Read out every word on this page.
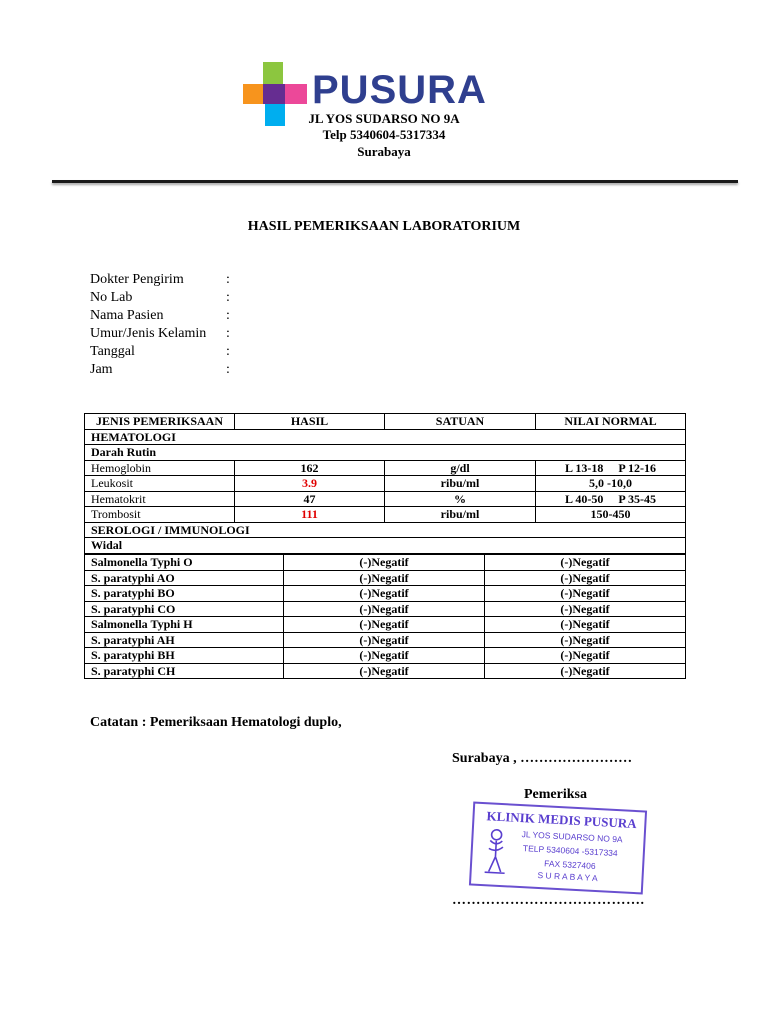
PUSURA
JL YOS SUDARSO NO 9A
Telp 5340604-5317334
Surabaya
HASIL PEMERIKSAAN LABORATORIUM
Dokter Pengirim	:
No Lab	:
Nama Pasien	:
Umur/Jenis Kelamin	:
Tanggal	:
Jam	:
JENIS PEMERIKSAAN	HASIL	SATUAN	NILAI NORMAL
HEMATOLOGI			
Darah Rutin			
Hemoglobin	162	g/dl	L 13-18     P 12-16
Leukosit	3.9	ribu/ml	5,0 -10,0
Hematokrit	47	%	L 40-50     P 35-45
Trombosit	111	ribu/ml	150-450
SEROLOGI / IMMUNOLOGI			
Widal			
Salmonella Typhi O	(-)Negatif	(-)Negatif
S. paratyphi AO	(-)Negatif	(-)Negatif
S. paratyphi BO	(-)Negatif	(-)Negatif
S. paratyphi CO	(-)Negatif	(-)Negatif
Salmonella Typhi H	(-)Negatif	(-)Negatif
S. paratyphi AH	(-)Negatif	(-)Negatif
S. paratyphi BH	(-)Negatif	(-)Negatif
S. paratyphi CH	(-)Negatif	(-)Negatif
Catatan : Pemeriksaan Hematologi duplo,
Surabaya , ……………………
Pemeriksa
KLINIK MEDIS PUSURA
JL YOS SUDARSO NO 9A
TELP 5340604 -5317334
FAX 5327406
S U R A B A Y A
………………………………….
